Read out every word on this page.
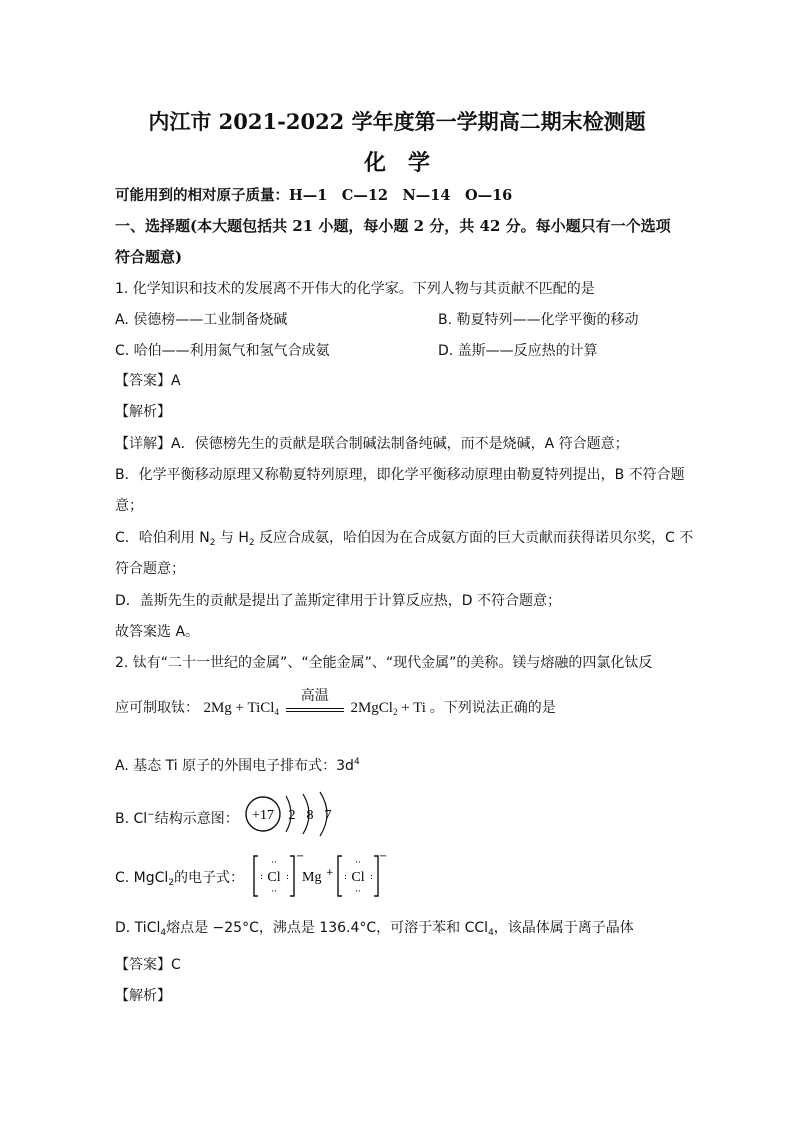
内江市 2021-2022 学年度第一学期高二期末检测题
化　学
可能用到的相对原子质量：H—1　C—12　N—14　O—16
一、选择题(本大题包括共 21 小题，每小题 2 分，共 42 分。每小题只有一个选项
符合题意)
1. 化学知识和技术的发展离不开伟大的化学家。下列人物与其贡献不匹配的是
A. 侯德榜——工业制备烧碱	B. 勒夏特列——化学平衡的移动
C. 哈伯——利用氮气和氢气合成氨	D. 盖斯——反应热的计算
【答案】A
【解析】
【详解】A．侯德榜先生的贡献是联合制碱法制备纯碱，而不是烧碱，A 符合题意；
B．化学平衡移动原理又称勒夏特列原理，即化学平衡移动原理由勒夏特列提出，B 不符合题
意；
C．哈伯利用 $N_2$ 与 $H_2$ 反应合成氨，哈伯因为在合成氨方面的巨大贡献而获得诺贝尔奖，C 不
符合题意；
D．盖斯先生的贡献是提出了盖斯定律用于计算反应热，D 不符合题意；
故答案选 A。
2. 钛有“二十一世纪的金属”、“全能金属”、“现代金属”的美称。镁与熔融的四氯化钛反
应可制取钛： 2Mg + TiCl$_4$
高温
2MgCl$_2$ + Ti 。下列说法正确的是
A. 基态 Ti 原子的外围电子排布式：$3d^4$
B. Cl−结构示意图： +17 2 8 7
C. MgCl$_2$的电子式： Cl
··
··
:	:
−
Mg + Cl
··
··
:	:
−
D. TiCl$_4$熔点是 −25°C，沸点是 136.4°C，可溶于苯和 CCl$_4$，该晶体属于离子晶体
【答案】C
【解析】
